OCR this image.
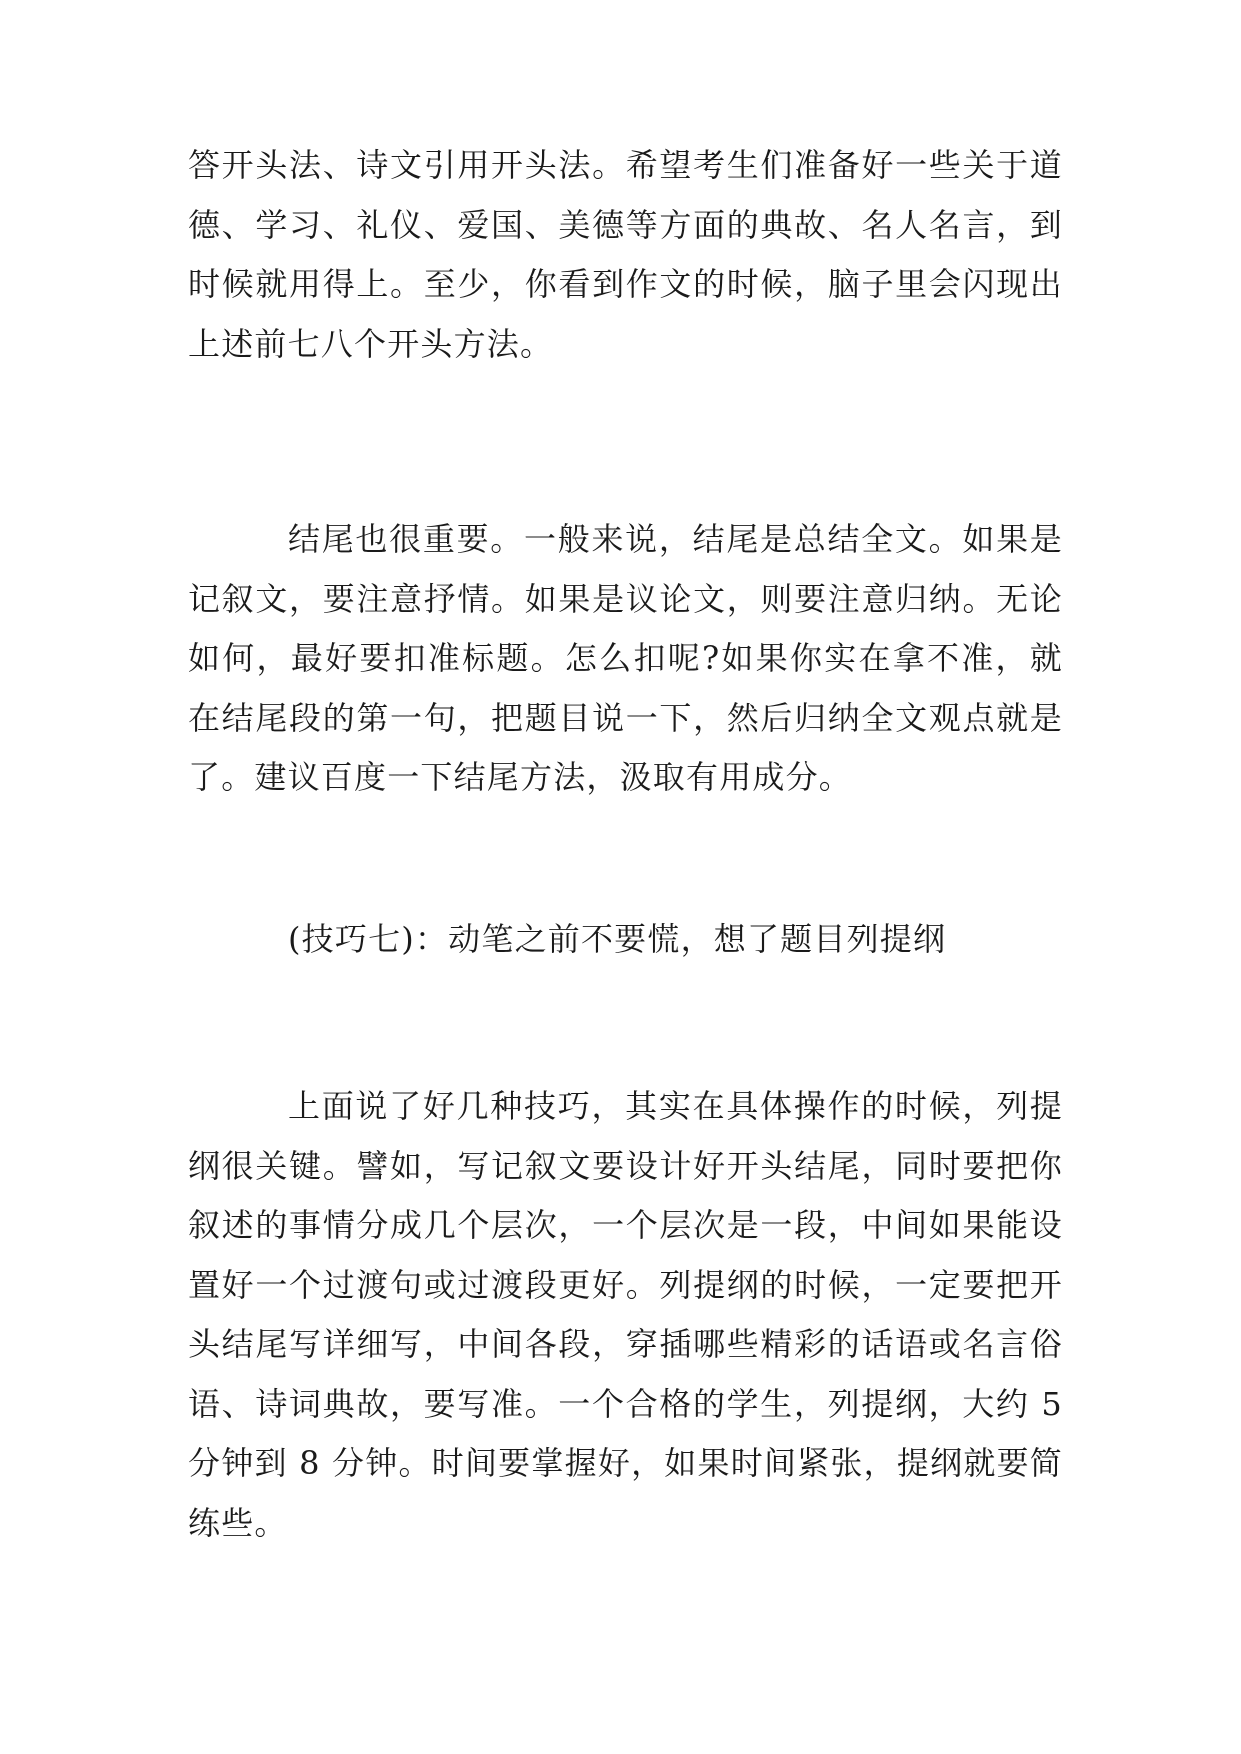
答开头法、诗文引用开头法。希望考生们准备好一些关于道德、学习、礼仪、爱国、美德等方面的典故、名人名言，到时候就用得上。至少，你看到作文的时候，脑子里会闪现出上述前七八个开头方法。

结尾也很重要。一般来说，结尾是总结全文。如果是记叙文，要注意抒情。如果是议论文，则要注意归纳。无论如何，最好要扣准标题。怎么扣呢?如果你实在拿不准，就在结尾段的第一句，把题目说一下，然后归纳全文观点就是了。建议百度一下结尾方法，汲取有用成分。

(技巧七)：动笔之前不要慌，想了题目列提纲

上面说了好几种技巧，其实在具体操作的时候，列提纲很关键。譬如，写记叙文要设计好开头结尾，同时要把你叙述的事情分成几个层次，一个层次是一段，中间如果能设置好一个过渡句或过渡段更好。列提纲的时候，一定要把开头结尾写详细写，中间各段，穿插哪些精彩的话语或名言俗语、诗词典故，要写准。一个合格的学生，列提纲，大约 5 分钟到 8 分钟。时间要掌握好，如果时间紧张，提纲就要简练些。
